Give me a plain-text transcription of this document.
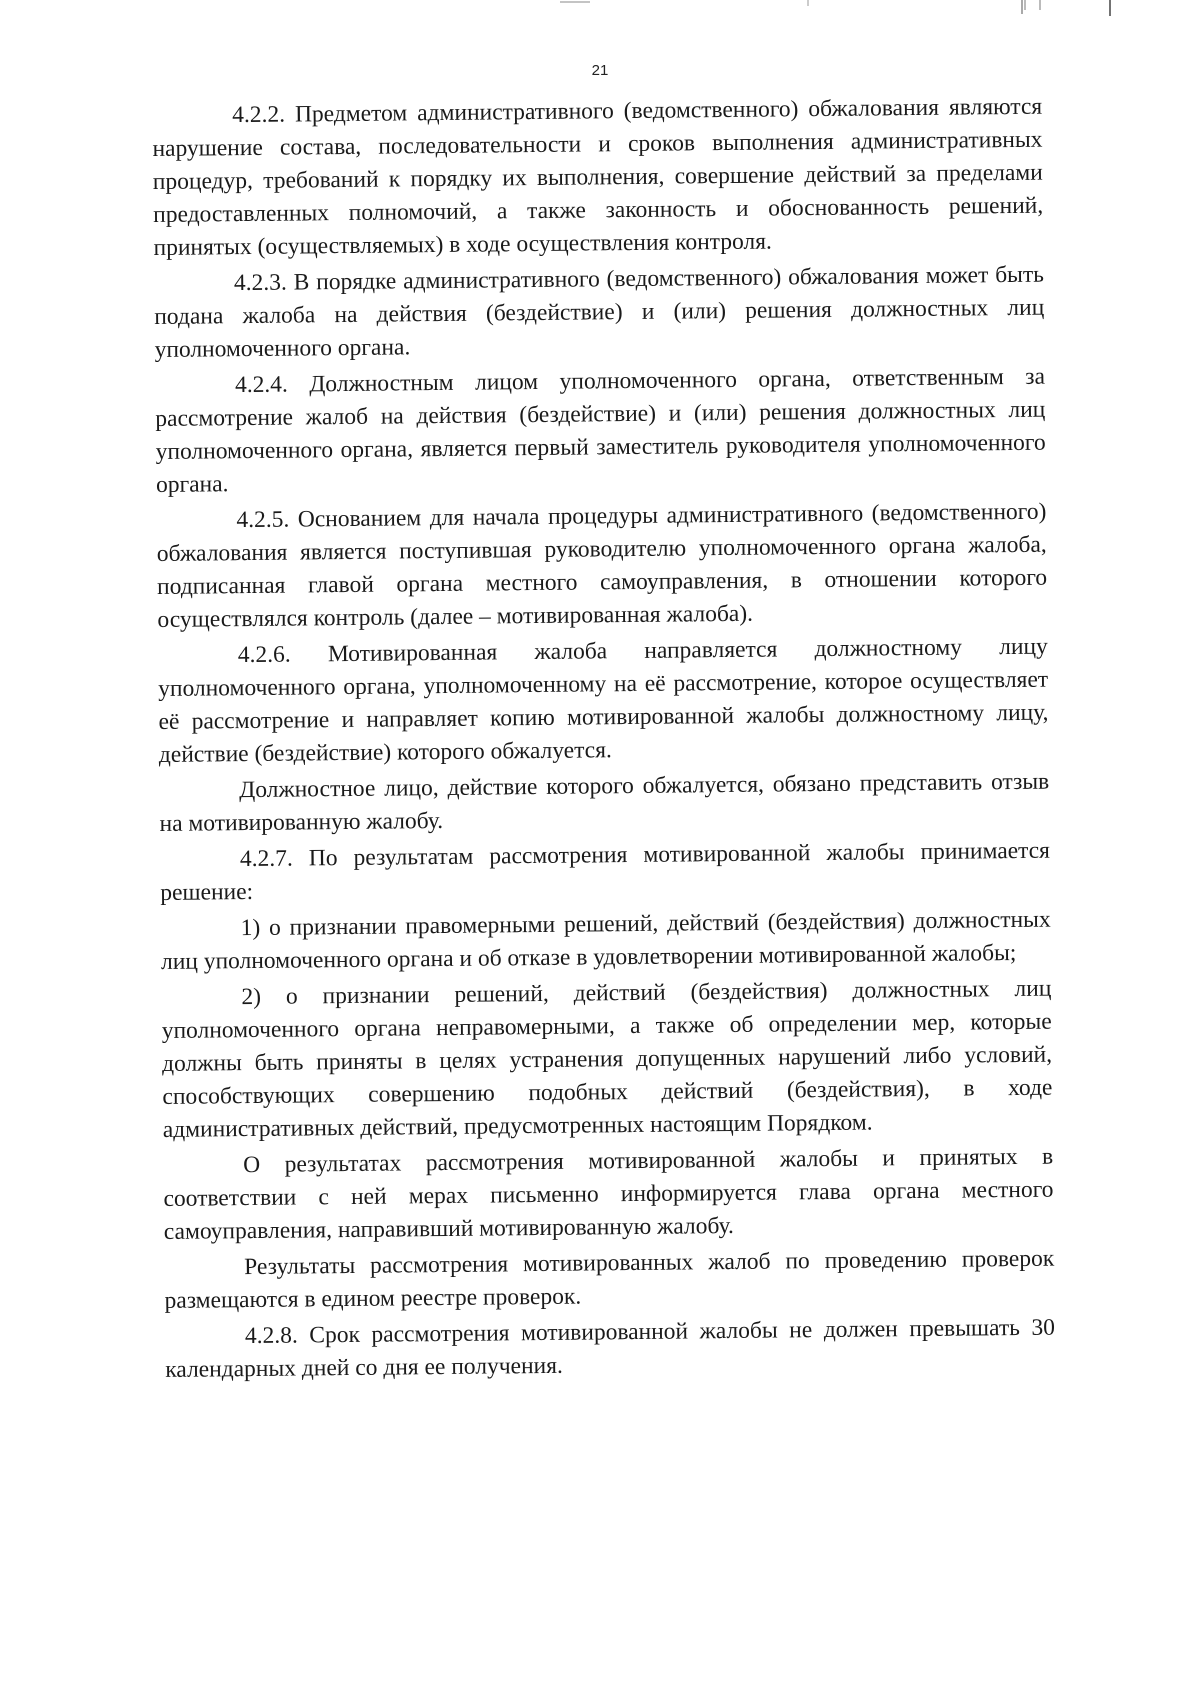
21

4.2.2. Предметом административного (ведомственного) обжалования являются нарушение состава, последовательности и сроков выполнения административных процедур, требований к порядку их выполнения, совершение действий за пределами предоставленных полномочий, а также законность и обоснованность решений, принятых (осуществляемых) в ходе осуществления контроля.

4.2.3. В порядке административного (ведомственного) обжалования может быть подана жалоба на действия (бездействие) и (или) решения должностных лиц уполномоченного органа.

4.2.4. Должностным лицом уполномоченного органа, ответственным за рассмотрение жалоб на действия (бездействие) и (или) решения должностных лиц уполномоченного органа, является первый заместитель руководителя уполномоченного органа.

4.2.5. Основанием для начала процедуры административного (ведомственного) обжалования является поступившая руководителю уполномоченного органа жалоба, подписанная главой органа местного самоуправления, в отношении которого осуществлялся контроль (далее – мотивированная жалоба).

4.2.6. Мотивированная жалоба направляется должностному лицу уполномоченного органа, уполномоченному на её рассмотрение, которое осуществляет её рассмотрение и направляет копию мотивированной жалобы должностному лицу, действие (бездействие) которого обжалуется.

Должностное лицо, действие которого обжалуется, обязано представить отзыв на мотивированную жалобу.

4.2.7. По результатам рассмотрения мотивированной жалобы принимается решение:

1) о признании правомерными решений, действий (бездействия) должностных лиц уполномоченного органа и об отказе в удовлетворении мотивированной жалобы;

2) о признании решений, действий (бездействия) должностных лиц уполномоченного органа неправомерными, а также об определении мер, которые должны быть приняты в целях устранения допущенных нарушений либо условий, способствующих совершению подобных действий (бездействия), в ходе административных действий, предусмотренных настоящим Порядком.

О результатах рассмотрения мотивированной жалобы и принятых в соответствии с ней мерах письменно информируется глава органа местного самоуправления, направивший мотивированную жалобу.

Результаты рассмотрения мотивированных жалоб по проведению проверок размещаются в едином реестре проверок.

4.2.8. Срок рассмотрения мотивированной жалобы не должен превышать 30 календарных дней со дня ее получения.
